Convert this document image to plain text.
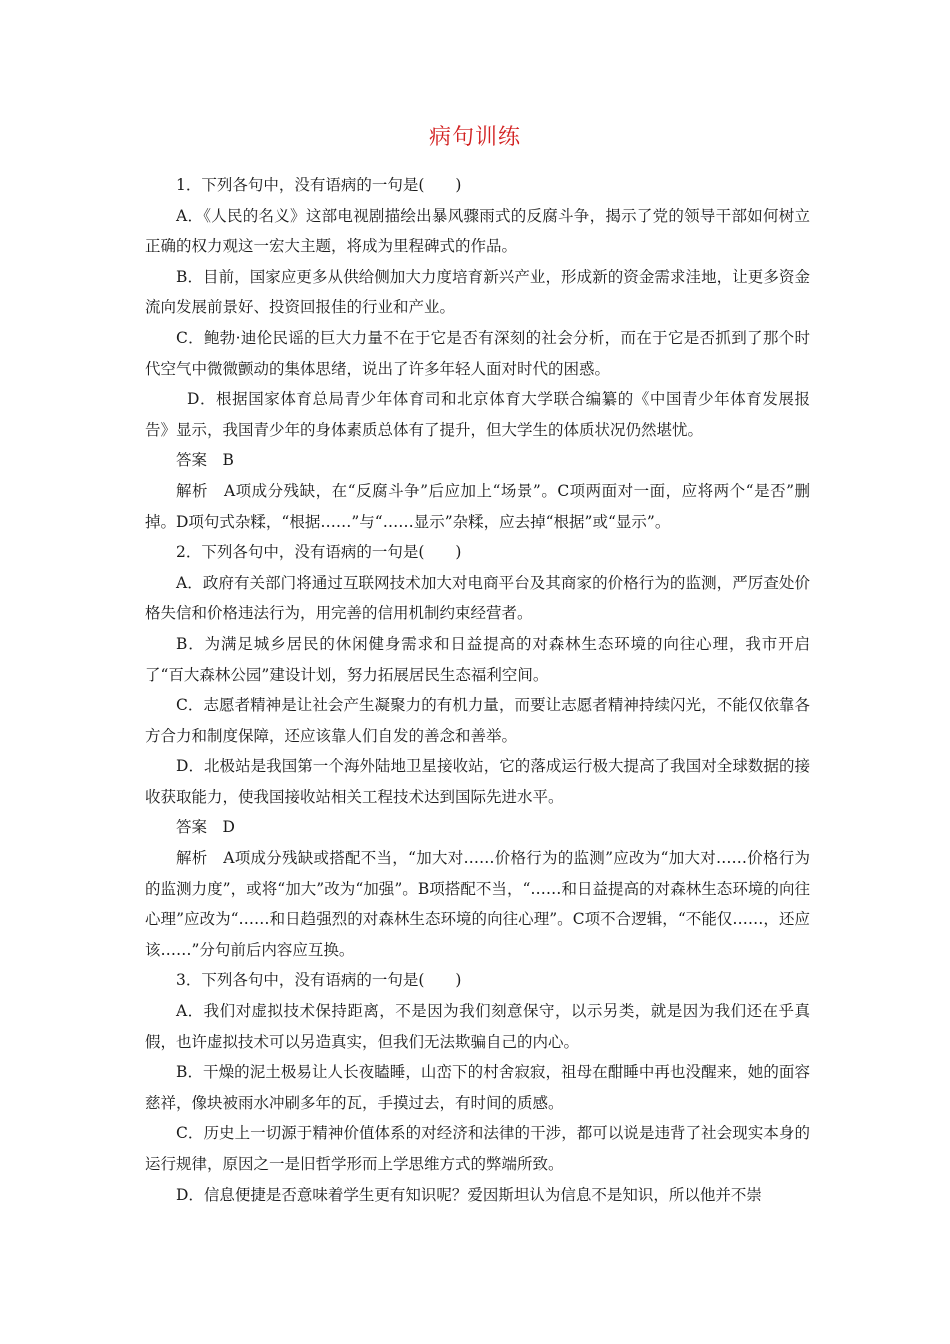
病句训练

1．下列各句中，没有语病的一句是(　　)

A．《人民的名义》这部电视剧描绘出暴风骤雨式的反腐斗争，揭示了党的领导干部如何树立正确的权力观这一宏大主题，将成为里程碑式的作品。

B．目前，国家应更多从供给侧加大力度培育新兴产业，形成新的资金需求洼地，让更多资金流向发展前景好、投资回报佳的行业和产业。

C．鲍勃·迪伦民谣的巨大力量不在于它是否有深刻的社会分析，而在于它是否抓到了那个时代空气中微微颤动的集体思绪，说出了许多年轻人面对时代的困惑。

D．根据国家体育总局青少年体育司和北京体育大学联合编纂的《中国青少年体育发展报告》显示，我国青少年的身体素质总体有了提升，但大学生的体质状况仍然堪忧。

答案　B

解析　A项成分残缺，在“反腐斗争”后应加上“场景”。C项两面对一面，应将两个“是否”删掉。D项句式杂糅，“根据……”与“……显示”杂糅，应去掉“根据”或“显示”。

2．下列各句中，没有语病的一句是(　　)

A．政府有关部门将通过互联网技术加大对电商平台及其商家的价格行为的监测，严厉查处价格失信和价格违法行为，用完善的信用机制约束经营者。

B．为满足城乡居民的休闲健身需求和日益提高的对森林生态环境的向往心理，我市开启了“百大森林公园”建设计划，努力拓展居民生态福利空间。

C．志愿者精神是让社会产生凝聚力的有机力量，而要让志愿者精神持续闪光，不能仅依靠各方合力和制度保障，还应该靠人们自发的善念和善举。

D．北极站是我国第一个海外陆地卫星接收站，它的落成运行极大提高了我国对全球数据的接收获取能力，使我国接收站相关工程技术达到国际先进水平。

答案　D

解析　A项成分残缺或搭配不当，“加大对……价格行为的监测”应改为“加大对……价格行为的监测力度”，或将“加大”改为“加强”。B项搭配不当，“……和日益提高的对森林生态环境的向往心理”应改为“……和日趋强烈的对森林生态环境的向往心理”。C项不合逻辑，“不能仅……，还应该……”分句前后内容应互换。

3．下列各句中，没有语病的一句是(　　)

A．我们对虚拟技术保持距离，不是因为我们刻意保守，以示另类，就是因为我们还在乎真假，也许虚拟技术可以另造真实，但我们无法欺骗自己的内心。

B．干燥的泥土极易让人长夜瞌睡，山峦下的村舍寂寂，祖母在酣睡中再也没醒来，她的面容慈祥，像块被雨水冲刷多年的瓦，手摸过去，有时间的质感。

C．历史上一切源于精神价值体系的对经济和法律的干涉，都可以说是违背了社会现实本身的运行规律，原因之一是旧哲学形而上学思维方式的弊端所致。

D．信息便捷是否意味着学生更有知识呢？爱因斯坦认为信息不是知识，所以他并不崇
